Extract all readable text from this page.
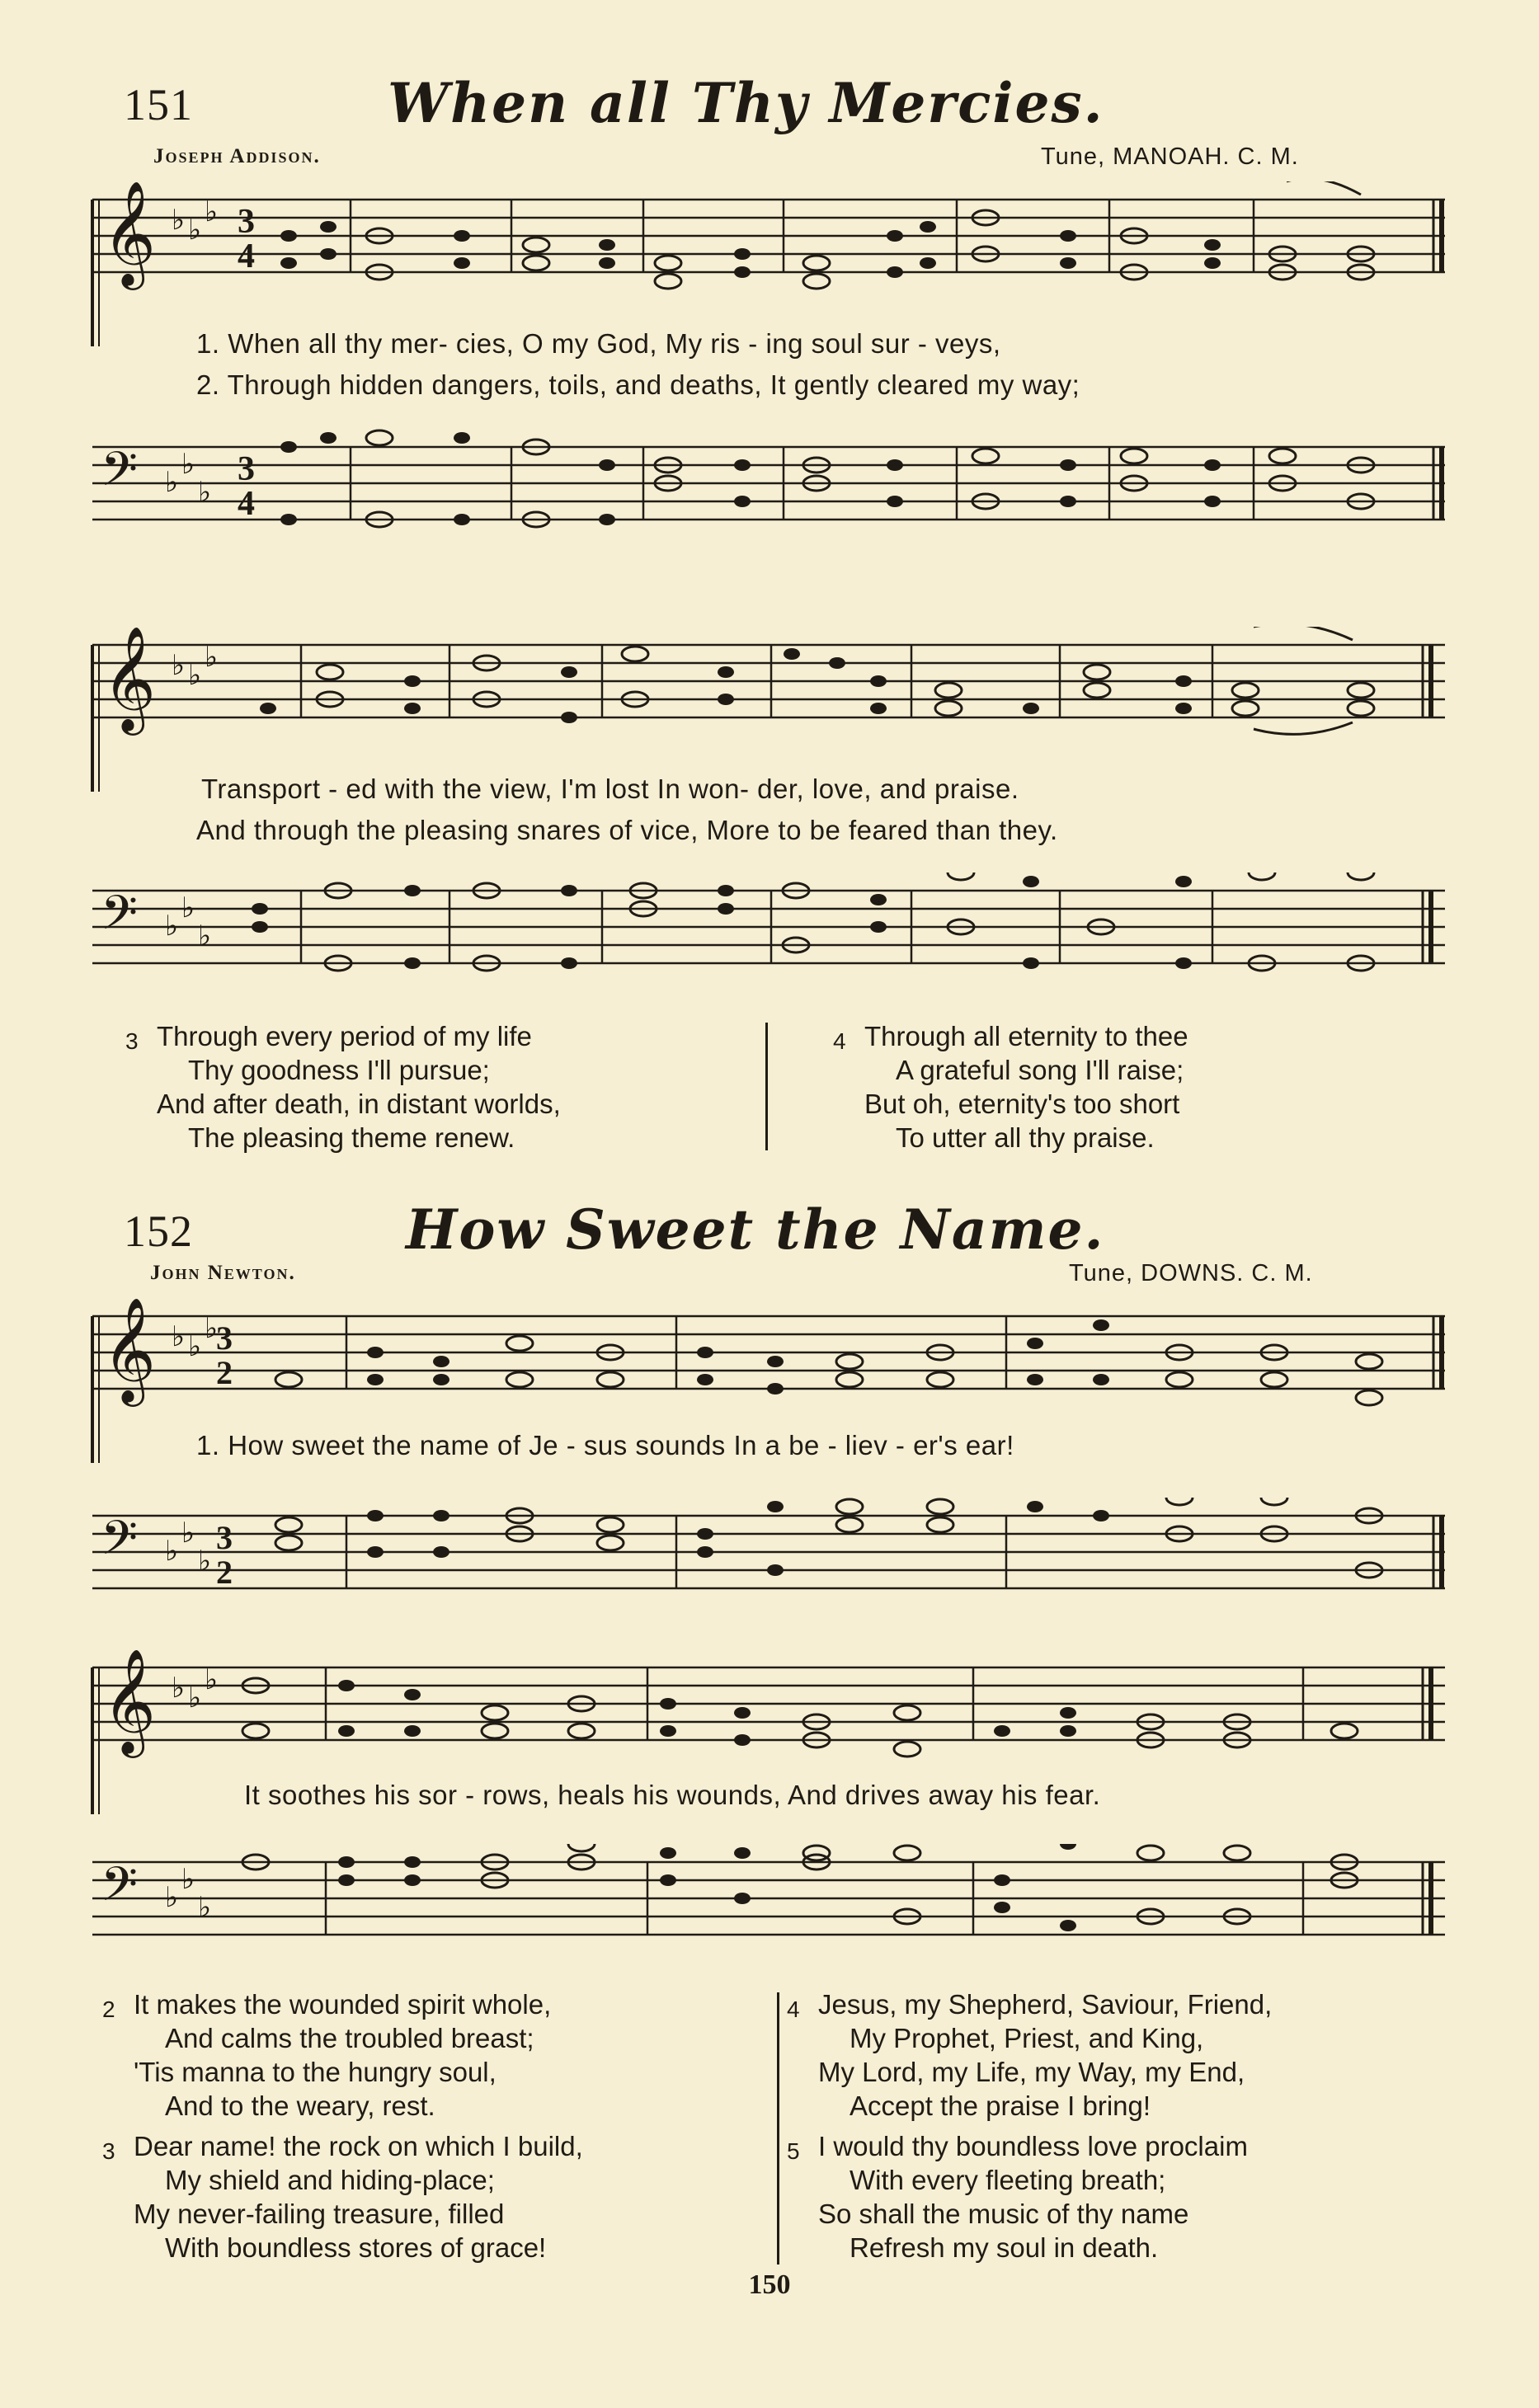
151	When all Thy Mercies.
Joseph Addison.	Tune, MANOAH. C. M.
𝄞 ♭ ♭
♭ 3
4
1. When all thy mer- cies, O my God, My ris - ing soul sur - veys,
2. Through hidden dangers, toils, and deaths, It gently cleared my way;
𝄢 ♭
♭
♭
3
4
𝄞 ♭ ♭
♭
Transport - ed with the view, I'm lost In won- der, love, and praise.
And through the pleasing snares of vice, More to be feared than they.
𝄢 ♭
♭
♭
3 Through every period of my life
Thy goodness I'll pursue;
And after death, in distant worlds,
The pleasing theme renew.
4 Through all eternity to thee
A grateful song I'll raise;
But oh, eternity's too short
To utter all thy praise.
152	How Sweet the Name.
John Newton.	Tune, DOWNS. C. M.
𝄞 ♭ ♭
♭
3
2
1. How sweet the name of Je - sus sounds In a be - liev - er's ear!
𝄢 ♭
♭
♭
3
2
𝄞 ♭ ♭
♭
It soothes his sor - rows, heals his wounds, And drives away his fear.
𝄢 ♭
♭
♭
2 It makes the wounded spirit whole,
And calms the troubled breast;
'Tis manna to the hungry soul,
And to the weary, rest.
3 Dear name! the rock on which I build,
My shield and hiding-place;
My never-failing treasure, filled
With boundless stores of grace!
4 Jesus, my Shepherd, Saviour, Friend,
My Prophet, Priest, and King,
My Lord, my Life, my Way, my End,
Accept the praise I bring!
5 I would thy boundless love proclaim
With every fleeting breath;
So shall the music of thy name
Refresh my soul in death.
150
